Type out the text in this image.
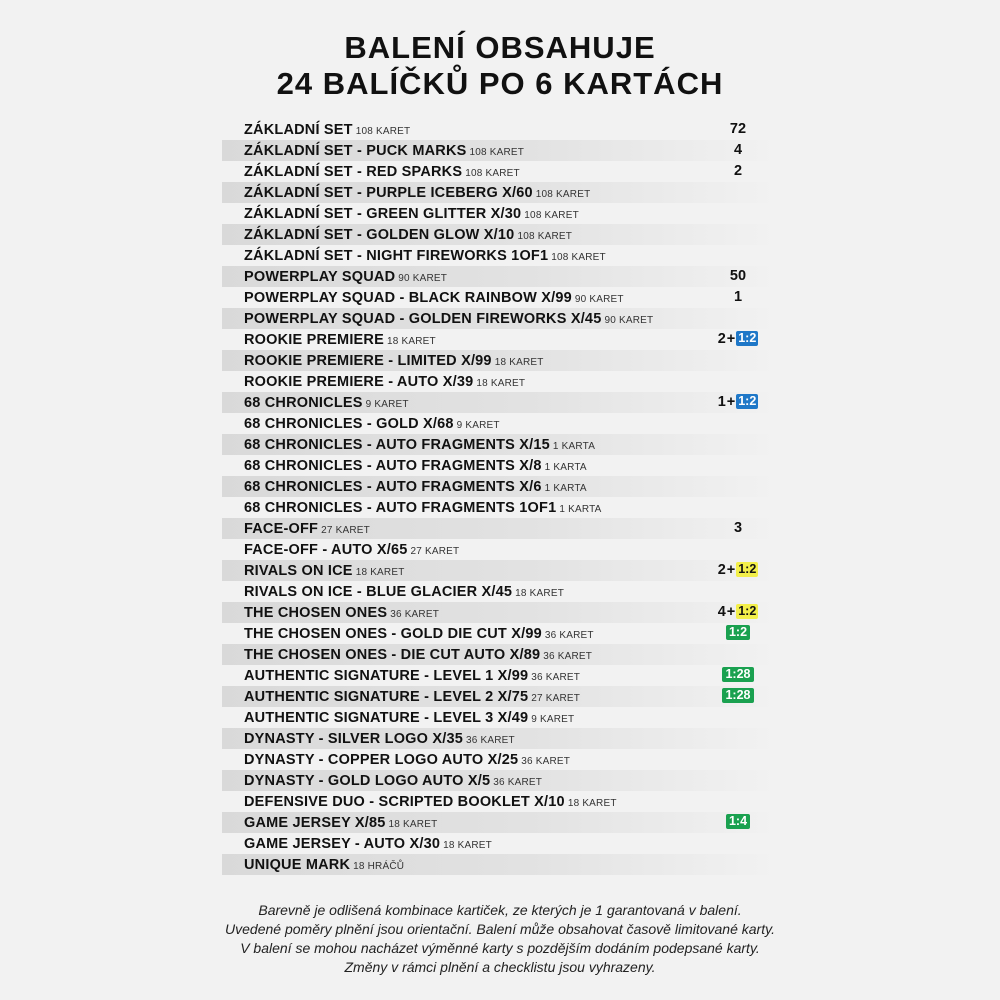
BALENÍ OBSAHUJE
24 BALÍČKŮ PO 6 KARTÁCH
ZÁKLADNÍ SET 108 KARET	72
ZÁKLADNÍ SET - PUCK MARKS 108 KARET	4
ZÁKLADNÍ SET - RED SPARKS 108 KARET	2
ZÁKLADNÍ SET - PURPLE ICEBERG X/60 108 KARET
ZÁKLADNÍ SET - GREEN GLITTER X/30 108 KARET
ZÁKLADNÍ SET - GOLDEN GLOW X/10 108 KARET
ZÁKLADNÍ SET - NIGHT FIREWORKS 1OF1 108 KARET
POWERPLAY SQUAD 90 KARET	50
POWERPLAY SQUAD - BLACK RAINBOW X/99 90 KARET	1
POWERPLAY SQUAD - GOLDEN FIREWORKS X/45 90 KARET
ROOKIE PREMIERE 18 KARET	2+1:2
ROOKIE PREMIERE - LIMITED X/99 18 KARET
ROOKIE PREMIERE - AUTO X/39 18 KARET
68 CHRONICLES 9 KARET	1+1:2
68 CHRONICLES - GOLD X/68 9 KARET
68 CHRONICLES - AUTO FRAGMENTS X/15 1 KARTA
68 CHRONICLES - AUTO FRAGMENTS X/8 1 KARTA
68 CHRONICLES - AUTO FRAGMENTS X/6 1 KARTA
68 CHRONICLES - AUTO FRAGMENTS 1OF1 1 KARTA
FACE-OFF 27 KARET	3
FACE-OFF - AUTO X/65 27 KARET
RIVALS ON ICE 18 KARET	2+1:2
RIVALS ON ICE - BLUE GLACIER X/45 18 KARET
THE CHOSEN ONES 36 KARET	4+1:2
THE CHOSEN ONES - GOLD DIE CUT X/99 36 KARET	1:2
THE CHOSEN ONES - DIE CUT AUTO X/89 36 KARET
AUTHENTIC SIGNATURE - LEVEL 1 X/99 36 KARET	1:28
AUTHENTIC SIGNATURE - LEVEL 2 X/75 27 KARET	1:28
AUTHENTIC SIGNATURE - LEVEL 3 X/49 9 KARET
DYNASTY - SILVER LOGO X/35 36 KARET
DYNASTY - COPPER LOGO AUTO X/25 36 KARET
DYNASTY - GOLD LOGO AUTO X/5 36 KARET
DEFENSIVE DUO - SCRIPTED BOOKLET X/10 18 KARET
GAME JERSEY X/85 18 KARET	1:4
GAME JERSEY - AUTO X/30 18 KARET
UNIQUE MARK 18 HRÁČŮ
Barevně je odlišená kombinace kartiček, ze kterých je 1 garantovaná v balení.
Uvedené poměry plnění jsou orientační. Balení může obsahovat časově limitované karty.
V balení se mohou nacházet výměnné karty s pozdějším dodáním podepsané karty.
Změny v rámci plnění a checklistu jsou vyhrazeny.
